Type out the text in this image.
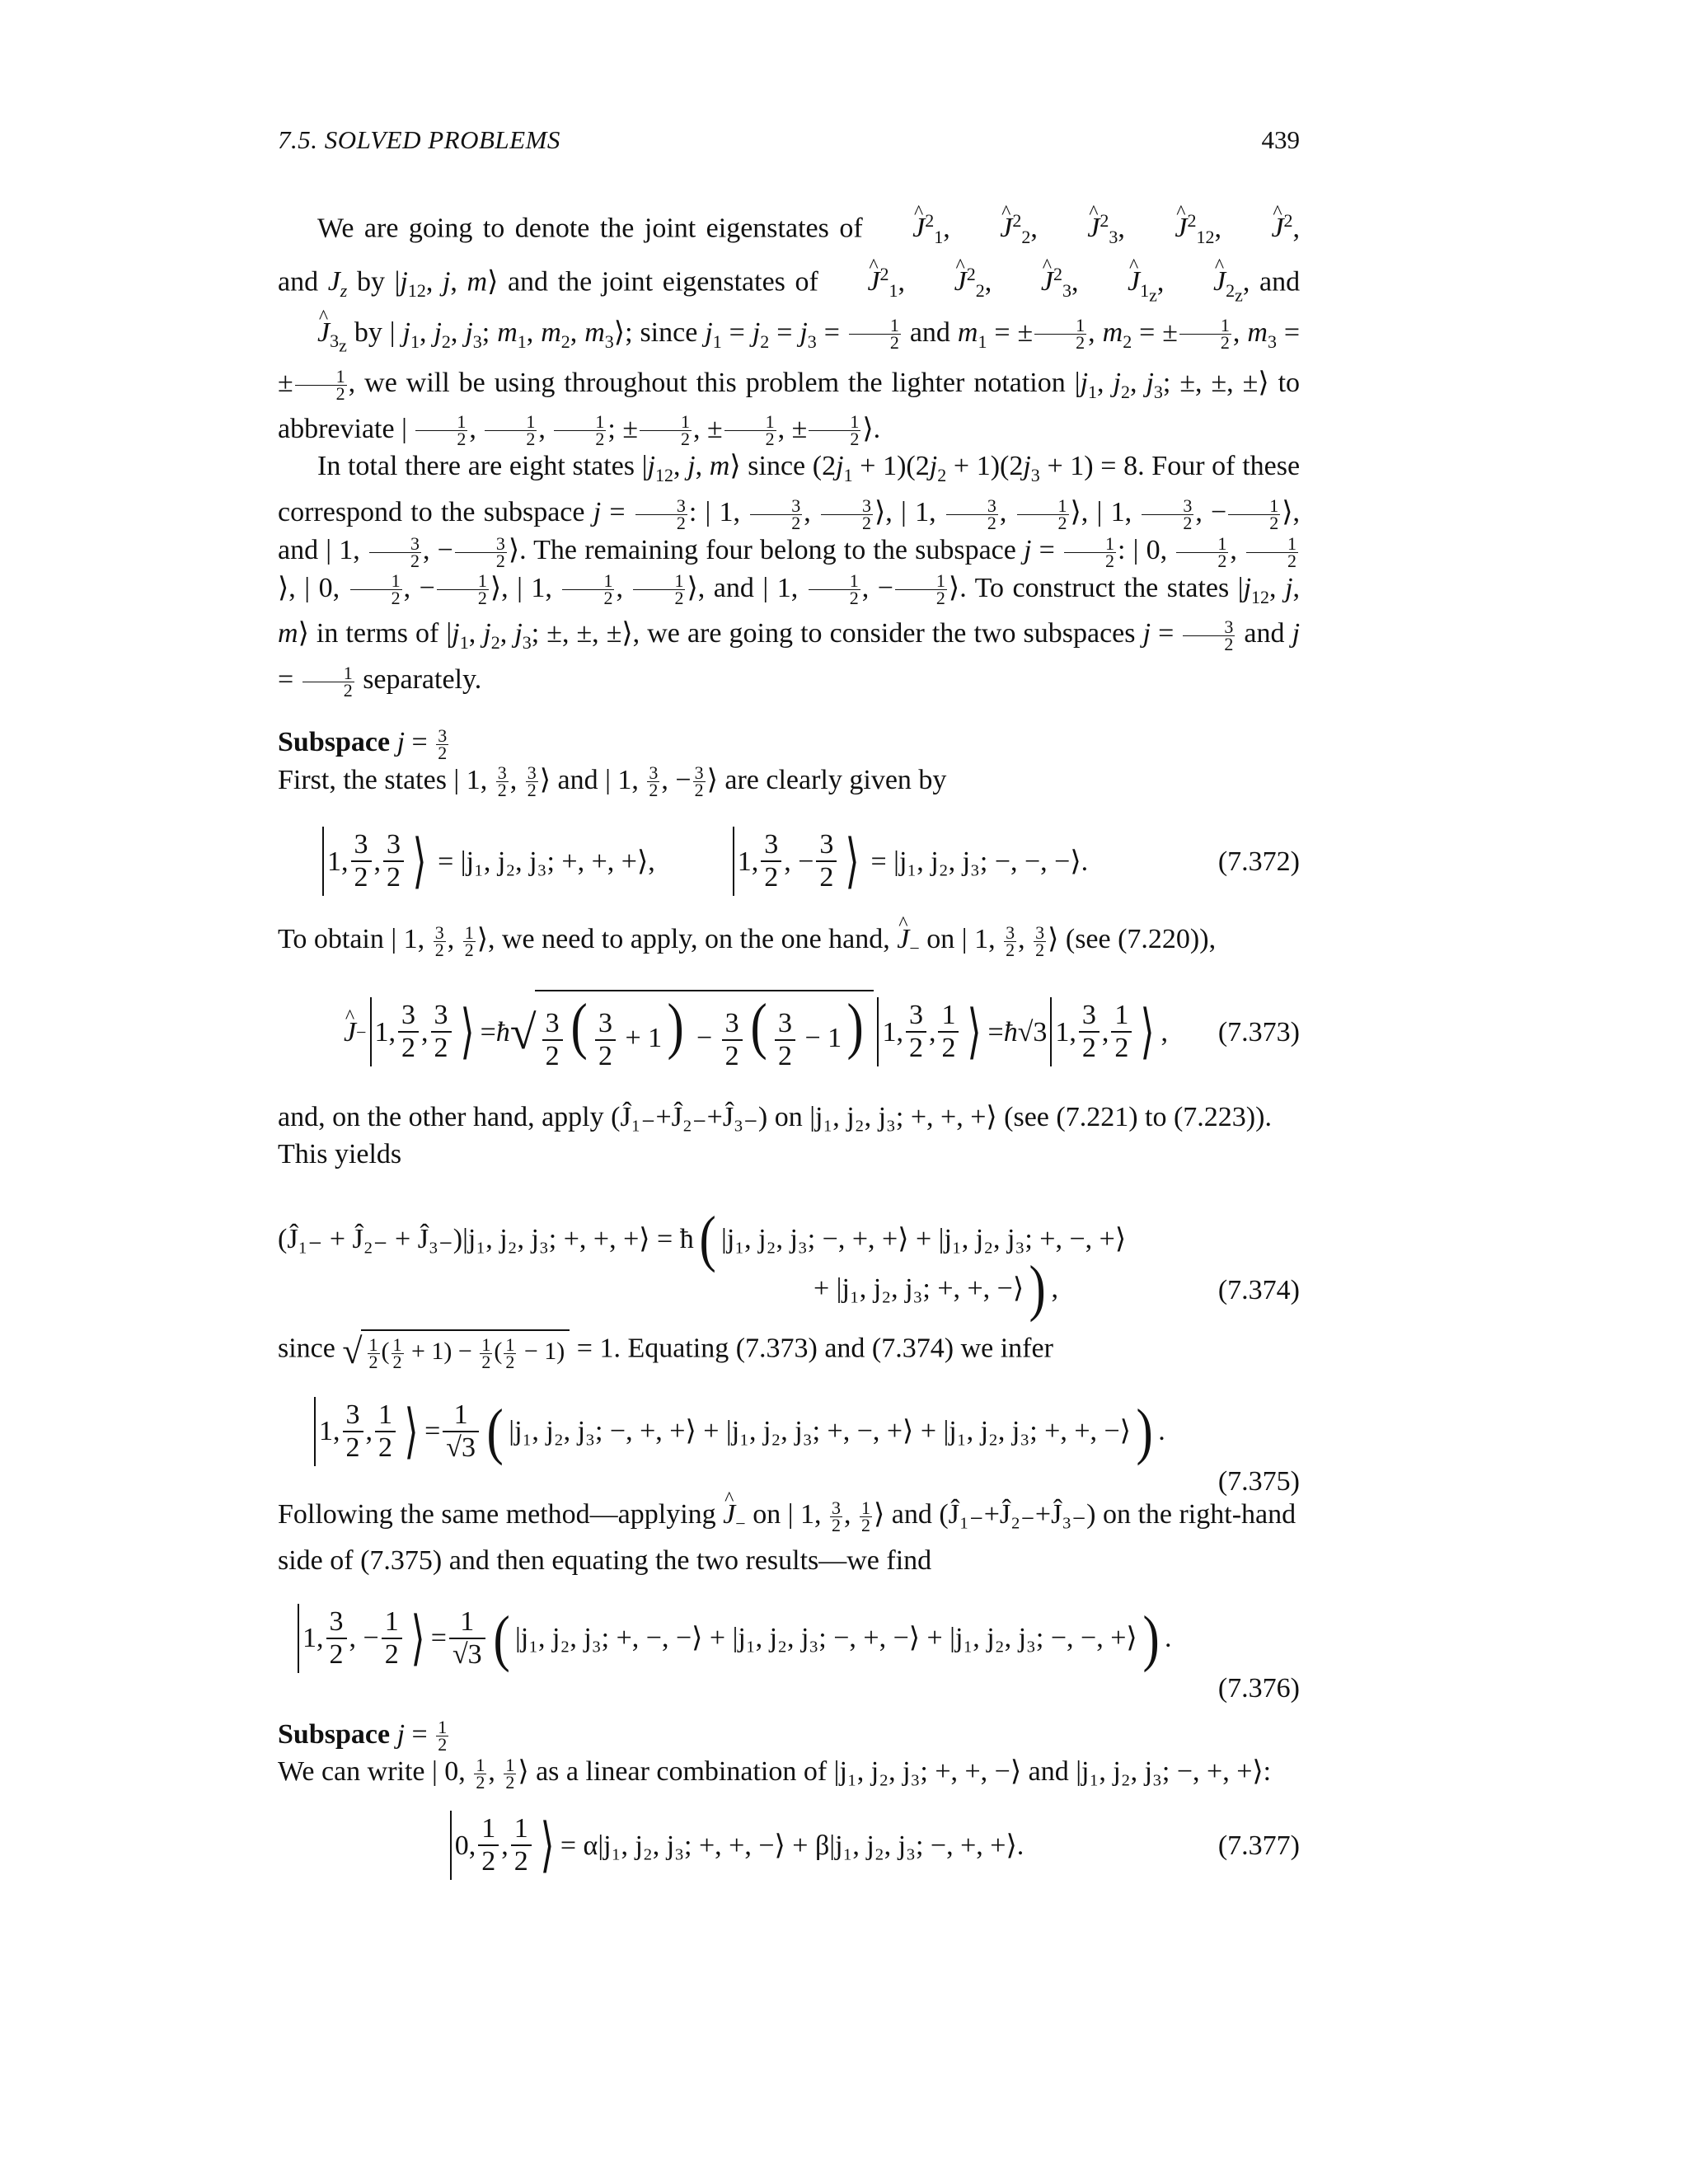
7.5. SOLVED PROBLEMS	439

We are going to denote the joint eigenstates of ^ $J^2_1$, ^ $J^2_2$, ^ $J^2_3$, ^ $J^2_{12}$, ^ $J^2$, and $J_z$ by $|j_{12}$, j, m⟩ and the joint eigenstates of ^ $J^2_1$, ^ $J^2_2$, ^ $J^2_3$, ^ $J_{1_z}$, ^ $J_{2_z}$, and ^ $J_{3_z}$ by | $j_1$, $j_2$, $j_3$; $m_1$, $m_2$, $m_3⟩$; since $j_1 = j_2 = j_3 = \frac{1}{2}$ and $m_1$ = ± $\frac{1}{2}$ , $m_2$ = ± $\frac{1}{2}$ , $m_3$ = ± $\frac{1}{2}$ , we will be using throughout this problem the lighter notation $|j_1$, $j_2$, $j_3$; ±, ±, ±⟩ to abbreviate | $\frac{1}{2}$ , $\frac{1}{2}$ , $\frac{1}{2}$ ; ± $\frac{1}{2}$ , ± $\frac{1}{2}$ , ± $\frac{1}{2}$ ⟩.

In total there are eight states $|j_{12}$, j, m⟩ since $(2j_1 + 1)(2j_2 + 1)(2j_3 + 1) = 8$. Four of these correspond to the subspace $j = \frac{3}{2}$ : | 1, $\frac{3}{2}$ , $\frac{3}{2}$ ⟩, | 1, $\frac{3}{2}$ , $\frac{1}{2}$ ⟩, | 1, $\frac{3}{2}$ , − $\frac{1}{2}$ ⟩, and | 1, $\frac{3}{2}$ , − $\frac{3}{2}$ ⟩. The remaining four belong to the subspace $j = \frac{1}{2}$ : | 0, $\frac{1}{2}$ , $\frac{1}{2}$
⟩, | 0, $\frac{1}{2}$ , − $\frac{1}{2}$ ⟩, | 1, $\frac{1}{2}$ , $\frac{1}{2}$ ⟩, and | 1, $\frac{1}{2}$ , − $\frac{1}{2}$ ⟩. To construct the states $|j_{12}$, j, m⟩ in terms of $|j_1$, $j_2$, $j_3$; ±, ±, ±⟩, we are going to consider the two subspaces $j = \frac{3}{2}$ and $j = \frac{1}{2}$ separately.

Subspace $j = \frac{3}{2}$

First, the states | 1, $\frac{3}{2}$ , $\frac{3}{2}$ ⟩ and | 1, $\frac{3}{2}$ , − $\frac{3}{2}$ ⟩ are clearly given by

1,
3
2
,
3
2 ⟩ = |j₁, j₂, j₃; +, +, +⟩,	1,
3
2
, −
3
2 ⟩ = |j₁, j₂, j₃; −, −, −⟩.	(7.372)

To obtain | 1, $\frac{3}{2}$ , $\frac{1}{2}$ ⟩, we need to apply, on the one hand, ^ $J_-$ on | 1, $\frac{3}{2}$ , $\frac{3}{2}$ ⟩ (see (7.220)),

^ J − 1,
3
2
,
3
2 ⟩ = ħ √ $\frac{3}{2}$ ( $\frac{3}{2} + 1) - \frac{3}{2}$ ( $\frac{3}{2} - 1$) 1,
3
2
,
1
2 ⟩ = ħ √3
1,
3
2
,
1
2 ⟩ ,	(7.373)

and, on the other hand, apply (Ĵ₁₋+Ĵ₂₋+Ĵ₃₋) on |j₁, j₂, j₃; +, +, +⟩ (see (7.221) to (7.223)).
This yields

(Ĵ₁₋ + Ĵ₂₋ + Ĵ₃₋)|j₁, j₂, j₃; +, +, +⟩ = ħ ( |j₁, j₂, j₃; −, +, +⟩ + |j₁, j₂, j₃; +, −, +⟩
+ |j₁, j₂, j₃; +, +, −⟩ ) ,	(7.374)

since √ $\frac{1}{2}$ ( $\frac{1}{2} + 1) - \frac{1}{2}$ ( $\frac{1}{2} - 1) = 1$. Equating (7.373) and (7.374) we infer

1,
3
2
,
1
2 ⟩ =
1
√3 ( |j₁, j₂, j₃; −, +, +⟩ + |j₁, j₂, j₃; +, −, +⟩ + |j₁, j₂, j₃; +, +, −⟩ ) .
(7.375)

Following the same method—applying ^ $J_-$ on | 1, $\frac{3}{2}$ , $\frac{1}{2}$ ⟩ and (Ĵ₁₋+Ĵ₂₋+Ĵ₃₋) on the right-hand
side of (7.375) and then equating the two results—we find

1,
3
2
, −
1
2 ⟩ =
1
√3 ( |j₁, j₂, j₃; +, −, −⟩ + |j₁, j₂, j₃; −, +, −⟩ + |j₁, j₂, j₃; −, −, +⟩ ) .
(7.376)

Subspace $j = \frac{1}{2}$

We can write | 0, $\frac{1}{2}$ , $\frac{1}{2}$ ⟩ as a linear combination of |j₁, j₂, j₃; +, +, −⟩ and |j₁, j₂, j₃; −, +, +⟩:

0,
1
2
,
1
2 ⟩ = α|j₁, j₂, j₃; +, +, −⟩ + β|j₁, j₂, j₃; −, +, +⟩.	(7.377)
